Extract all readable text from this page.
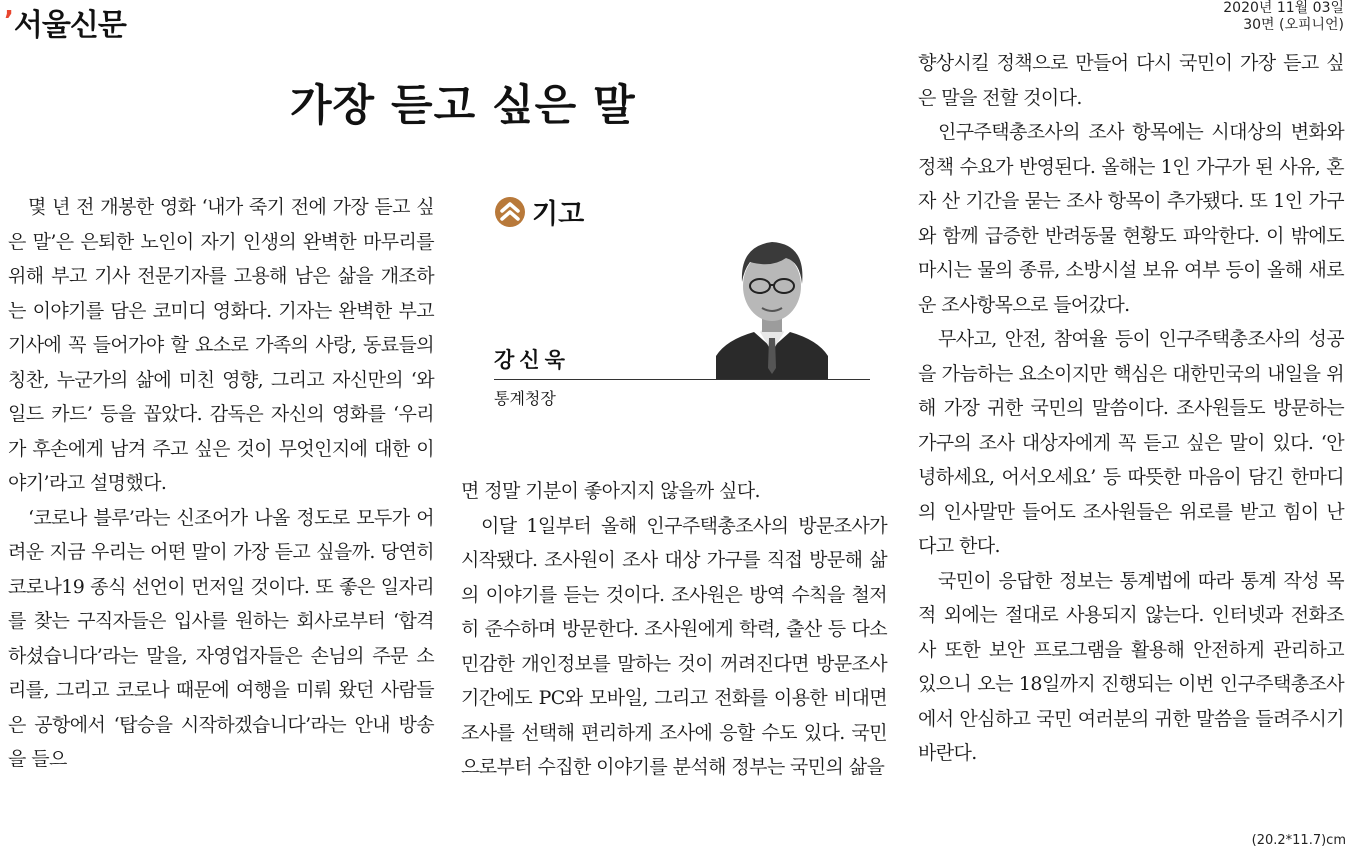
’서울신문	2020년 11월 03일
30면 (오피니언)
가장 듣고 싶은 말

몇 년 전 개봉한 영화 ‘내가 죽기 전에 가장 듣고 싶은 말’은 은퇴한 노인이 자기 인생의 완벽한 마무리를 위해 부고 기사 전문기자를 고용해 남은 삶을 개조하는 이야기를 담은 코미디 영화다. 기자는 완벽한 부고기사에 꼭 들어가야 할 요소로 가족의 사랑, 동료들의 칭찬, 누군가의 삶에 미친 영향, 그리고 자신만의 ‘와일드 카드’ 등을 꼽았다. 감독은 자신의 영화를 ‘우리가 후손에게 남겨 주고 싶은 것이 무엇인지에 대한 이야기’라고 설명했다.

‘코로나 블루’라는 신조어가 나올 정도로 모두가 어려운 지금 우리는 어떤 말이 가장 듣고 싶을까. 당연히 코로나19 종식 선언이 먼저일 것이다. 또 좋은 일자리를 찾는 구직자들은 입사를 원하는 회사로부터 ‘합격하셨습니다’라는 말을, 자영업자들은 손님의 주문 소리를, 그리고 코로나 때문에 여행을 미뤄 왔던 사람들은 공항에서 ‘탑승을 시작하겠습니다’라는 안내 방송을 들으

기고
강신욱
통계청장

면 정말 기분이 좋아지지 않을까 싶다.

이달 1일부터 올해 인구주택총조사의 방문조사가 시작됐다. 조사원이 조사 대상 가구를 직접 방문해 삶의 이야기를 듣는 것이다. 조사원은 방역 수칙을 철저히 준수하며 방문한다. 조사원에게 학력, 출산 등 다소 민감한 개인정보를 말하는 것이 꺼려진다면 방문조사 기간에도 PC와 모바일, 그리고 전화를 이용한 비대면 조사를 선택해 편리하게 조사에 응할 수도 있다. 국민으로부터 수집한 이야기를 분석해 정부는 국민의 삶을

향상시킬 정책으로 만들어 다시 국민이 가장 듣고 싶은 말을 전할 것이다.

인구주택총조사의 조사 항목에는 시대상의 변화와 정책 수요가 반영된다. 올해는 1인 가구가 된 사유, 혼자 산 기간을 묻는 조사 항목이 추가됐다. 또 1인 가구와 함께 급증한 반려동물 현황도 파악한다. 이 밖에도 마시는 물의 종류, 소방시설 보유 여부 등이 올해 새로운 조사항목으로 들어갔다.

무사고, 안전, 참여율 등이 인구주택총조사의 성공을 가늠하는 요소이지만 핵심은 대한민국의 내일을 위해 가장 귀한 국민의 말씀이다. 조사원들도 방문하는 가구의 조사 대상자에게 꼭 듣고 싶은 말이 있다. ‘안녕하세요, 어서오세요’ 등 따뜻한 마음이 담긴 한마디의 인사말만 들어도 조사원들은 위로를 받고 힘이 난다고 한다.

국민이 응답한 정보는 통계법에 따라 통계 작성 목적 외에는 절대로 사용되지 않는다. 인터넷과 전화조사 또한 보안 프로그램을 활용해 안전하게 관리하고 있으니 오는 18일까지 진행되는 이번 인구주택총조사에서 안심하고 국민 여러분의 귀한 말씀을 들려주시기 바란다.

(20.2*11.7)cm
